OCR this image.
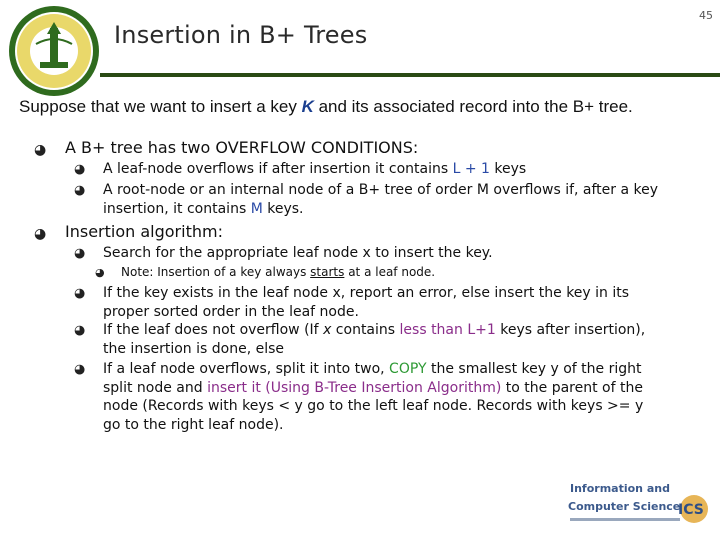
Insertion in B+ Trees
45
Suppose that we want to insert a key K and its associated record into the B+ tree.
◕ A B+ tree has two OVERFLOW CONDITIONS:
◕ A leaf-node overflows if after insertion it contains L + 1 keys
◕ A root-node or an internal node of a B+ tree of order M overflows if, after a key
insertion, it contains M keys.
◕ Insertion algorithm:
◕ Search for the appropriate leaf node x to insert the key.
◕ Note: Insertion of a key always starts at a leaf node.
◕ If the key exists in the leaf node x, report an error, else insert the key in its
proper sorted order in the leaf node.
◕ If the leaf does not overflow (If x contains less than L+1 keys after insertion),
the insertion is done, else
◕ If a leaf node overflows, split it into two, COPY the smallest key y of the right
split node and insert it (Using B-Tree Insertion Algorithm) to the parent of the
node (Records with keys < y go to the left leaf node. Records with keys >= y
go to the right leaf node).
Information and
Computer Science
ICS
